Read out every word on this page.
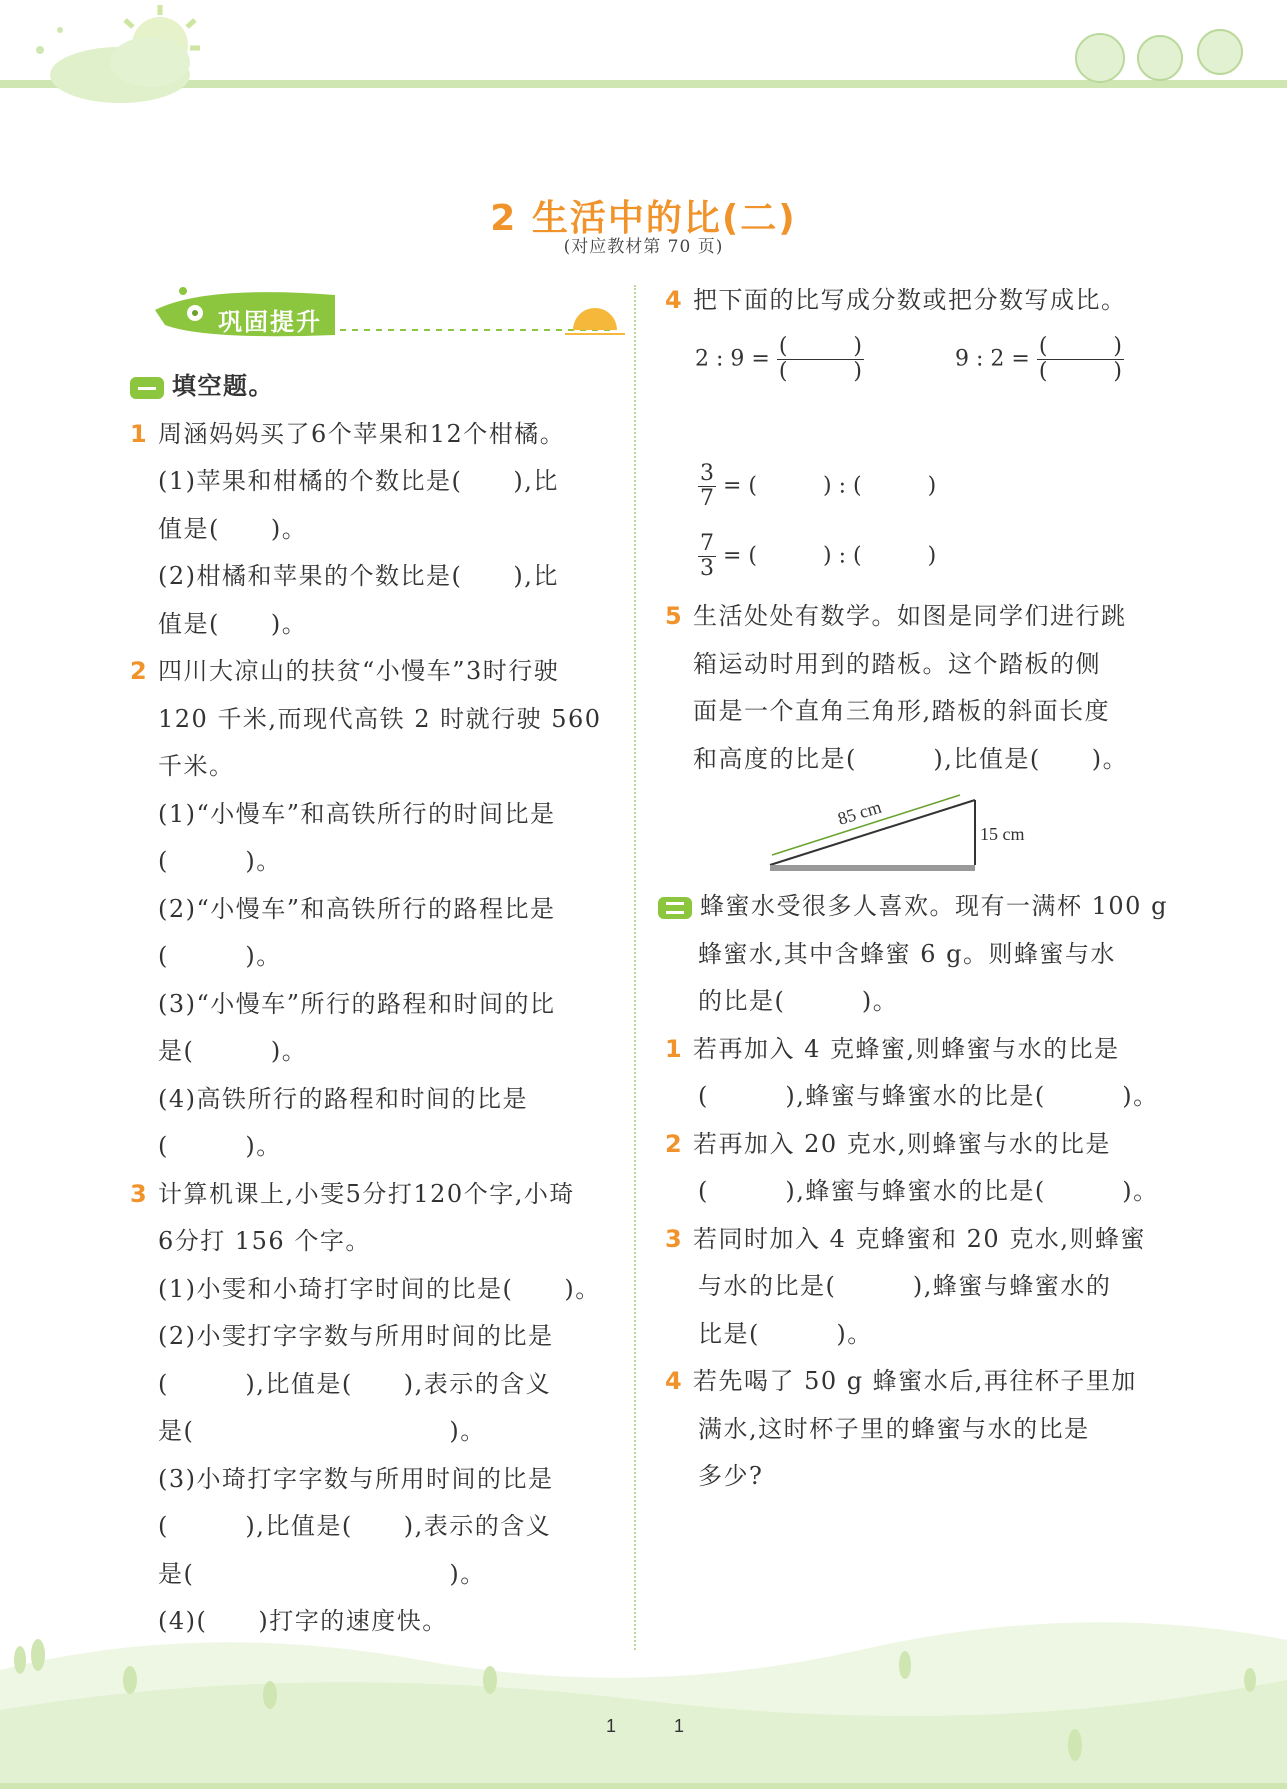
2 生活中的比(二)
(对应教材第 70 页)
巩固提升

填空题。

1 周涵妈妈买了6个苹果和12个柑橘。

(1)苹果和柑橘的个数比是(　　),比

值是(　　)。

(2)柑橘和苹果的个数比是(　　),比

值是(　　)。

2 四川大凉山的扶贫“小慢车”3时行驶

120 千米,而现代高铁 2 时就行驶 560

千米。

(1)“小慢车”和高铁所行的时间比是

(　　　)。

(2)“小慢车”和高铁所行的路程比是

(　　　)。

(3)“小慢车”所行的路程和时间的比

是(　　　)。

(4)高铁所行的路程和时间的比是

(　　　)。

3 计算机课上,小雯5分打120个字,小琦

6分打 156 个字。

(1)小雯和小琦打字时间的比是(　　)。

(2)小雯打字字数与所用时间的比是

(　　　),比值是(　　),表示的含义

是(　　　　　　　　　　)。

(3)小琦打字字数与所用时间的比是

(　　　),比值是(　　),表示的含义

是(　　　　　　　　　　)。

(4)(　　)打字的速度快。

4 把下面的比写成分数或把分数写成比。

2 : $9 = \frac{( )}{( )}$	9 : $2 = \frac{( )}{( )}$
$\frac{3}{7}$ = (　　　) : (　　　)
$\frac{7}{3}$ = (　　　) : (　　　)

5 生活处处有数学。如图是同学们进行跳

箱运动时用到的踏板。这个踏板的侧

面是一个直角三角形,踏板的斜面长度

和高度的比是(　　　),比值是(　　)。

85 cm
15 cm

蜂蜜水受很多人喜欢。现有一满杯 100 g

蜂蜜水,其中含蜂蜜 6 g。则蜂蜜与水

的比是(　　　)。

1 若再加入 4 克蜂蜜,则蜂蜜与水的比是

(　　　),蜂蜜与蜂蜜水的比是(　　　)。

2 若再加入 20 克水,则蜂蜜与水的比是

(　　　),蜂蜜与蜂蜜水的比是(　　　)。

3 若同时加入 4 克蜂蜜和 20 克水,则蜂蜜

与水的比是(　　　),蜂蜜与蜂蜜水的

比是(　　　)。

4 若先喝了 50 g 蜂蜜水后,再往杯子里加

满水,这时杯子里的蜂蜜与水的比是

多少?

1	1
